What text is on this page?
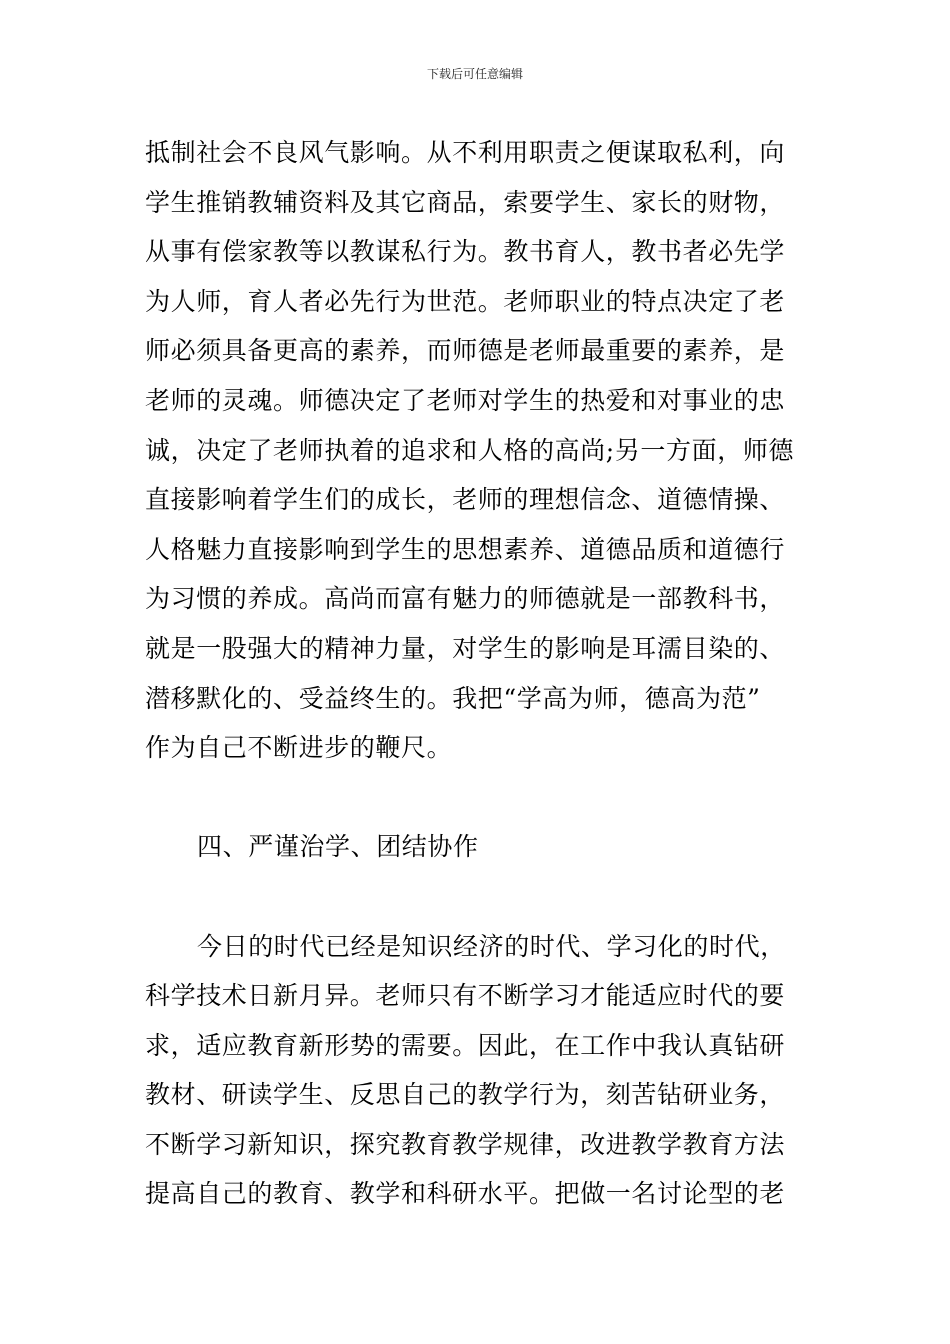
下载后可任意编辑
抵制社会不良风气影响。从不利用职责之便谋取私利，向
学生推销教辅资料及其它商品，索要学生、家长的财物，
从事有偿家教等以教谋私行为。教书育人，教书者必先学
为人师，育人者必先行为世范。老师职业的特点决定了老
师必须具备更高的素养，而师德是老师最重要的素养，是
老师的灵魂。师德决定了老师对学生的热爱和对事业的忠
诚，决定了老师执着的追求和人格的高尚;另一方面，师德
直接影响着学生们的成长，老师的理想信念、道德情操、
人格魅力直接影响到学生的思想素养、道德品质和道德行
为习惯的养成。高尚而富有魅力的师德就是一部教科书，
就是一股强大的精神力量，对学生的影响是耳濡目染的、
潜移默化的、受益终生的。我把“学高为师，德高为范”
作为自己不断进步的鞭尺。
四、严谨治学、团结协作
今日的时代已经是知识经济的时代、学习化的时代，
科学技术日新月异。老师只有不断学习才能适应时代的要
求，适应教育新形势的需要。因此，在工作中我认真钻研
教材、研读学生、反思自己的教学行为，刻苦钻研业务，
不断学习新知识，探究教育教学规律，改进教学教育方法
提高自己的教育、教学和科研水平。把做一名讨论型的老
